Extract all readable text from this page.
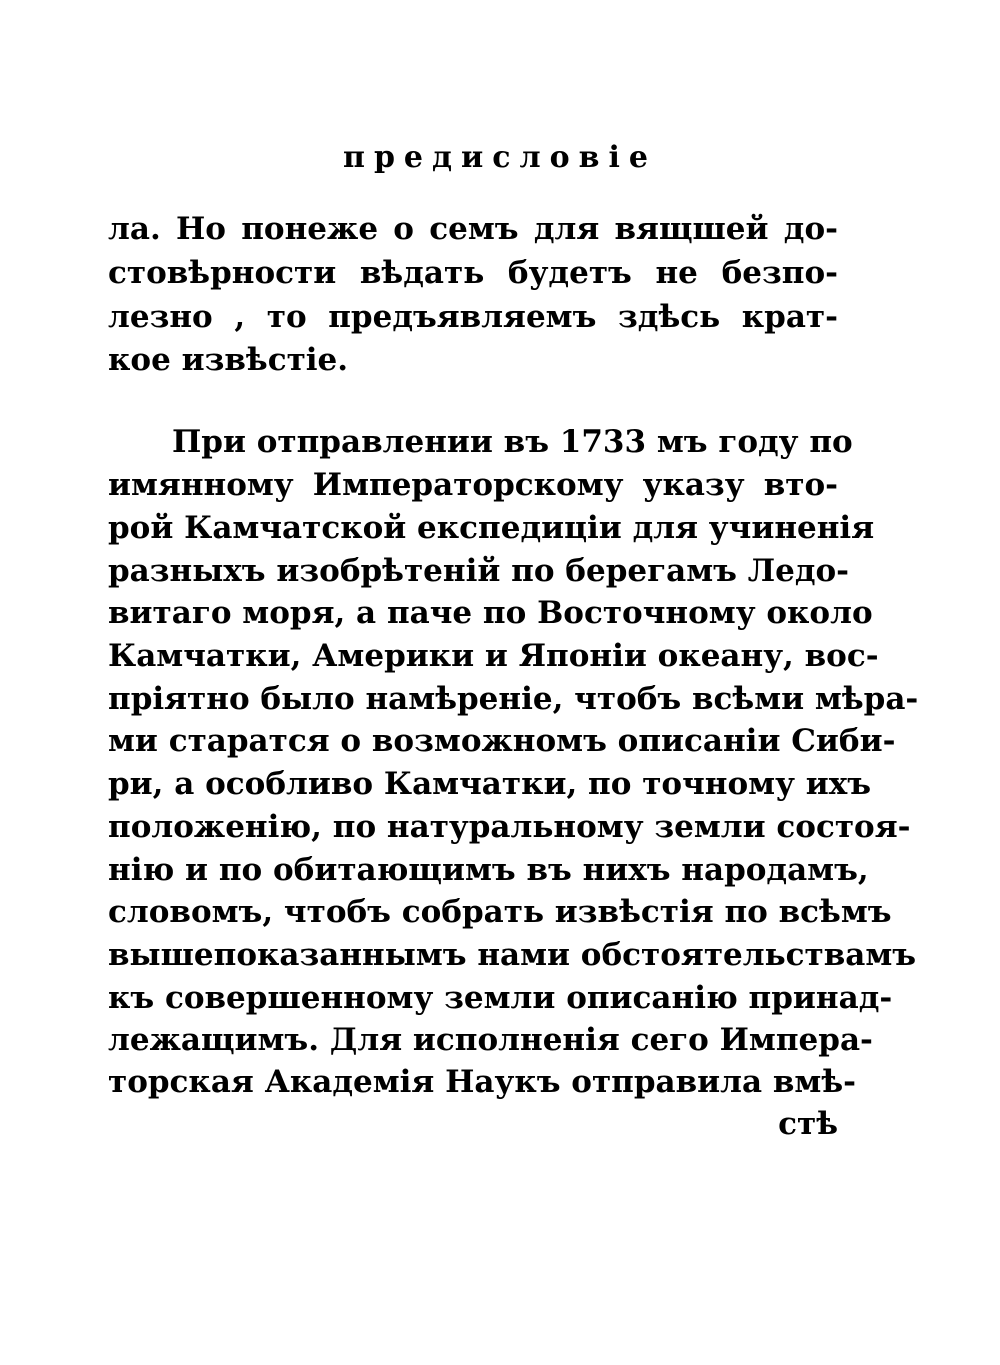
предисловіе
ла. Но понеже о семъ для вящшей до-
стовѣрности вѣдать будетъ не безпо-
лезно , то предъявляемъ здѣсь крат-
кое извѣстіе.
При отправлении въ 1733 мъ году по
имянному Императорскому указу вто-
рой Камчатской експедиціи для учиненія
разныхъ изобрѣтеній по берегамъ Ледо-
витаго моря, а паче по Восточному около
Камчатки, Америки и Японіи океану, вос-
пріятно было намѣреніе, чтобъ всѣми мѣра-
ми старатся о возможномъ описаніи Сиби-
ри, а особливо Камчатки, по точному ихъ
положенію, по натуральному земли состоя-
нію и по обитающимъ въ нихъ народамъ,
словомъ, чтобъ собрать извѣстія по всѣмъ
вышепоказаннымъ нами обстоятельствамъ
къ совершенному земли описанію принад-
лежащимъ. Для исполненія сего Импера-
торская Академія Наукъ отправила вмѣ-
стѣ
